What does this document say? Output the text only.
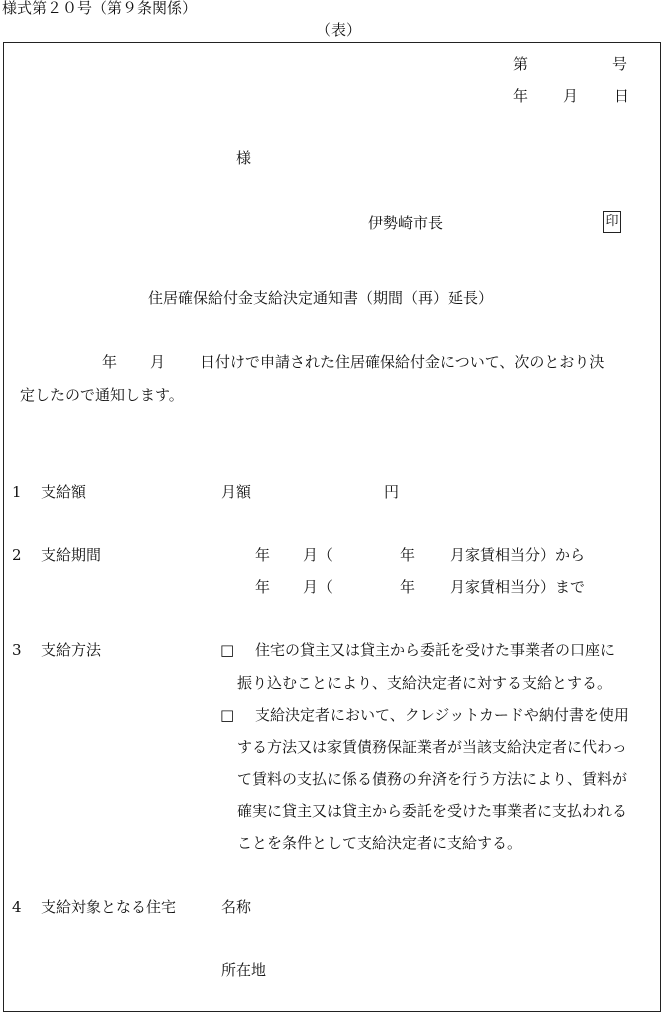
様式第２０号（第９条関係）
（表）
第	号
年 月 日
様
伊勢崎市長	印
住居確保給付金支給決定通知書（期間（再）延長）
年 月 日付けで申請された住居確保給付金について、次のとおり決
定したので通知します。
1 支給額	月額	円
2 支給期間	年 月（	年 月家賃相当分）から
年 月（	年 月家賃相当分）まで
3 支給方法	□ 住宅の貸主又は貸主から委託を受けた事業者の口座に
振り込むことにより、支給決定者に対する支給とする。
□ 支給決定者において、クレジットカードや納付書を使用
する方法又は家賃債務保証業者が当該支給決定者に代わっ
て賃料の支払に係る債務の弁済を行う方法により、賃料が
確実に貸主又は貸主から委託を受けた事業者に支払われる
ことを条件として支給決定者に支給する。
4 支給対象となる住宅	名称
所在地
